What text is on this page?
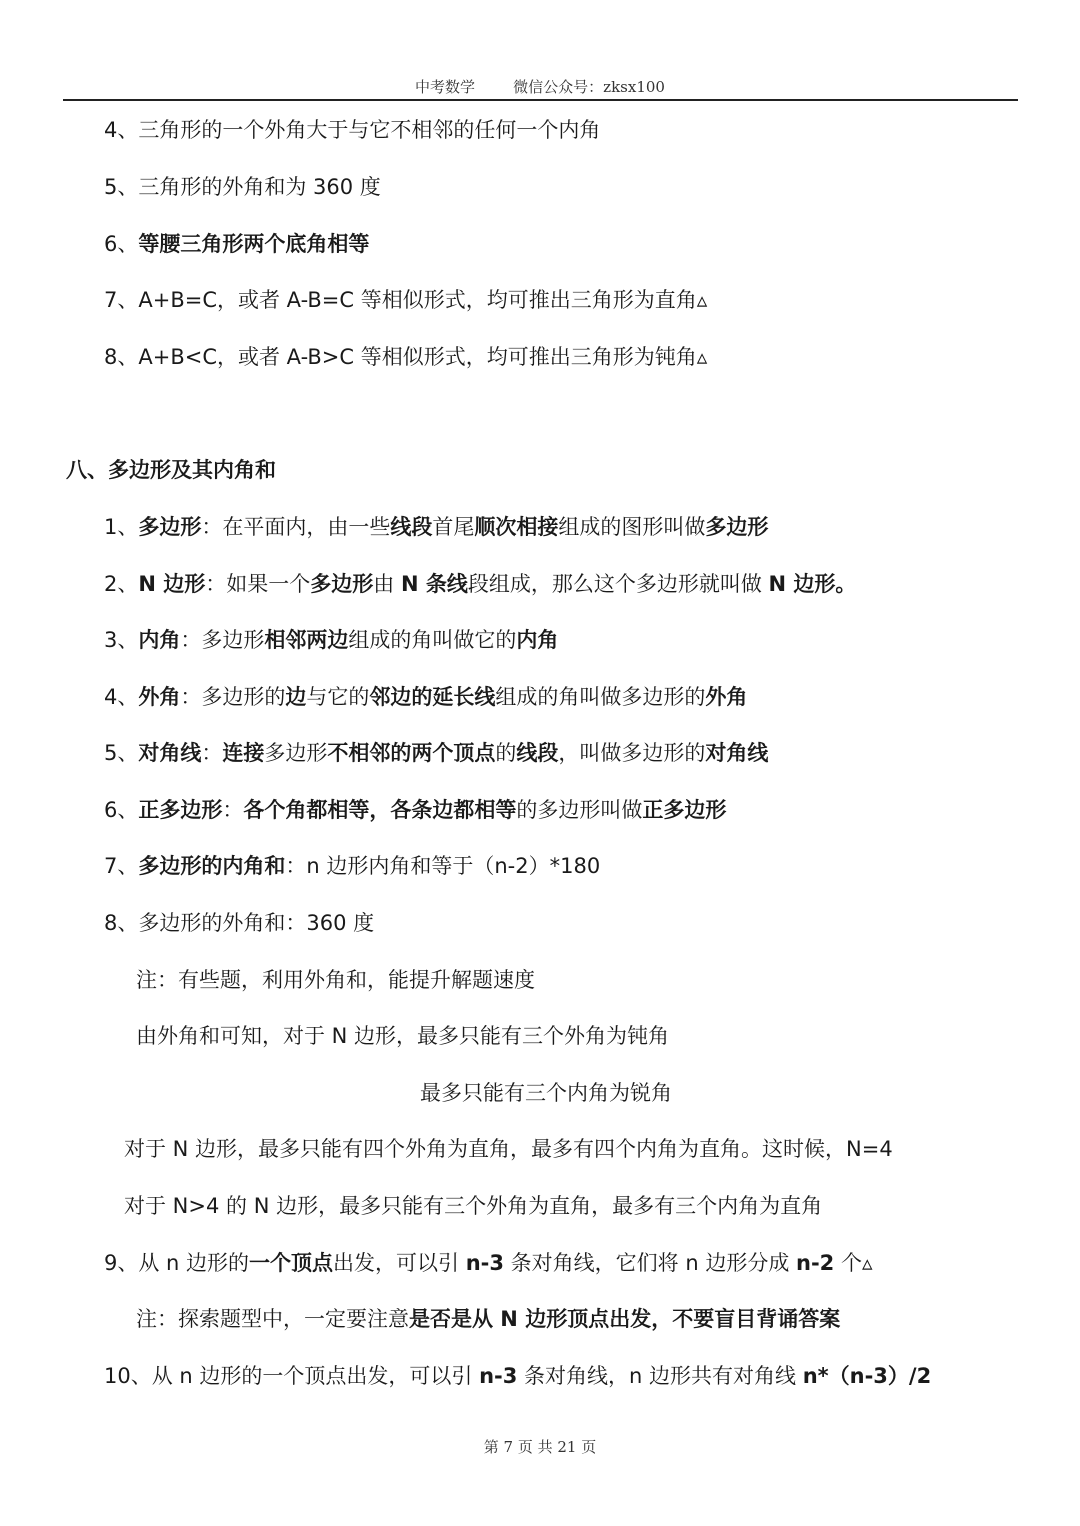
中考数学        微信公众号：zksx100
4、三角形的一个外角大于与它不相邻的任何一个内角
5、三角形的外角和为 360 度
6、等腰三角形两个底角相等
7、A+B=C，或者 A-B=C 等相似形式，均可推出三角形为直角▵
8、A+B<C，或者 A-B>C 等相似形式，均可推出三角形为钝角▵
八、多边形及其内角和
1、多边形：在平面内，由一些线段首尾顺次相接组成的图形叫做多边形
2、N 边形：如果一个多边形由 N 条线段组成，那么这个多边形就叫做 N 边形。
3、内角：多边形相邻两边组成的角叫做它的内角
4、外角：多边形的边与它的邻边的延长线组成的角叫做多边形的外角
5、对角线：连接多边形不相邻的两个顶点的线段，叫做多边形的对角线
6、正多边形：各个角都相等，各条边都相等的多边形叫做正多边形
7、多边形的内角和：n 边形内角和等于（n-2）*180
8、多边形的外角和：360 度
注：有些题，利用外角和，能提升解题速度
由外角和可知，对于 N 边形，最多只能有三个外角为钝角
最多只能有三个内角为锐角
对于 N 边形，最多只能有四个外角为直角，最多有四个内角为直角。这时候，N=4
对于 N>4 的 N 边形，最多只能有三个外角为直角，最多有三个内角为直角
9、从 n 边形的一个顶点出发，可以引 n-3 条对角线，它们将 n 边形分成 n-2 个▵
注：探索题型中，一定要注意是否是从 N 边形顶点出发，不要盲目背诵答案
10、从 n 边形的一个顶点出发，可以引 n-3 条对角线，n 边形共有对角线 n*（n-3）/2
第 7 页 共 21 页
